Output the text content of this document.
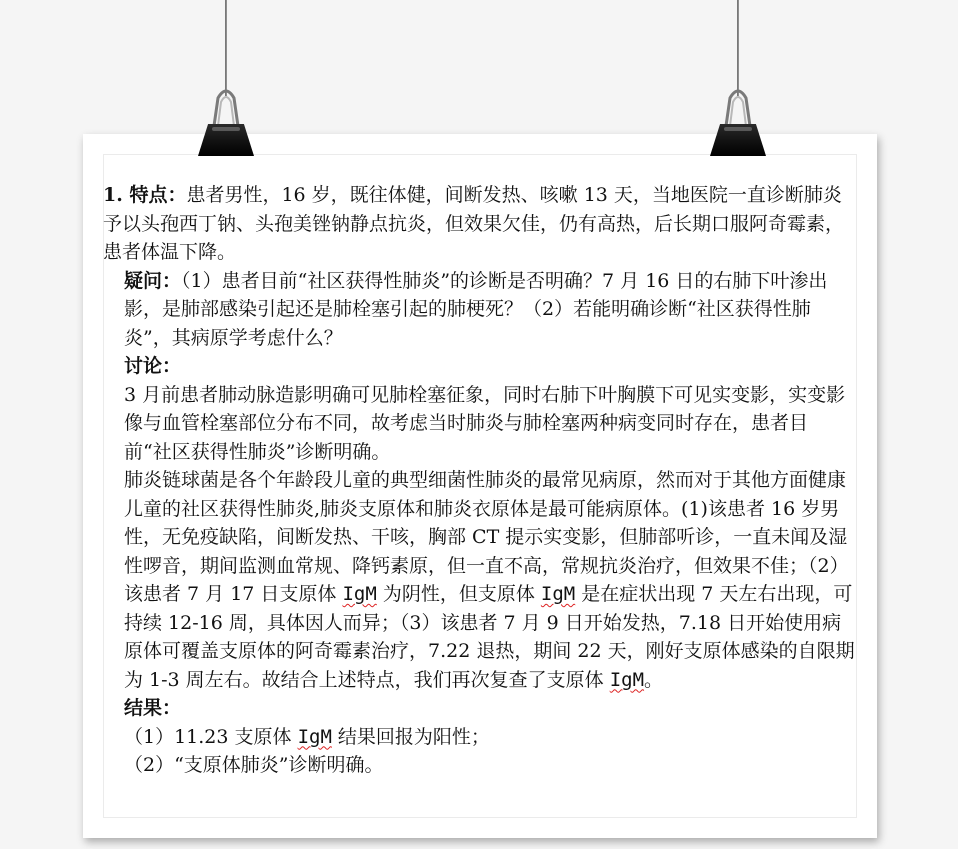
1. 特点：患者男性，16 岁，既往体健，间断发热、咳嗽 13 天，当地医院一直诊断肺炎予以头孢西丁钠、头孢美锉钠静点抗炎，但效果欠佳，仍有高热，后长期口服阿奇霉素，患者体温下降。

疑问：（1）患者目前“社区获得性肺炎”的诊断是否明确？7 月 16 日的右肺下叶渗出影，是肺部感染引起还是肺栓塞引起的肺梗死？（2）若能明确诊断“社区获得性肺炎”，其病原学考虑什么？

讨论：

3 月前患者肺动脉造影明确可见肺栓塞征象，同时右肺下叶胸膜下可见实变影，实变影像与血管栓塞部位分布不同，故考虑当时肺炎与肺栓塞两种病变同时存在，患者目前“社区获得性肺炎”诊断明确。

肺炎链球菌是各个年龄段儿童的典型细菌性肺炎的最常见病原，然而对于其他方面健康儿童的社区获得性肺炎,肺炎支原体和肺炎衣原体是最可能病原体。(1)该患者 16 岁男性，无免疫缺陷，间断发热、干咳，胸部 CT 提示实变影，但肺部听诊，一直未闻及湿性啰音，期间监测血常规、降钙素原，但一直不高，常规抗炎治疗，但效果不佳；（2）该患者 7 月 17 日支原体 IgM 为阴性，但支原体 IgM 是在症状出现 7 天左右出现，可持续 12-16 周，具体因人而异；（3）该患者 7 月 9 日开始发热，7.18 日开始使用病原体可覆盖支原体的阿奇霉素治疗，7.22 退热，期间 22 天，刚好支原体感染的自限期为 1-3 周左右。故结合上述特点，我们再次复查了支原体 IgM。

结果：

（1）11.23 支原体 IgM 结果回报为阳性；

（2）“支原体肺炎”诊断明确。
